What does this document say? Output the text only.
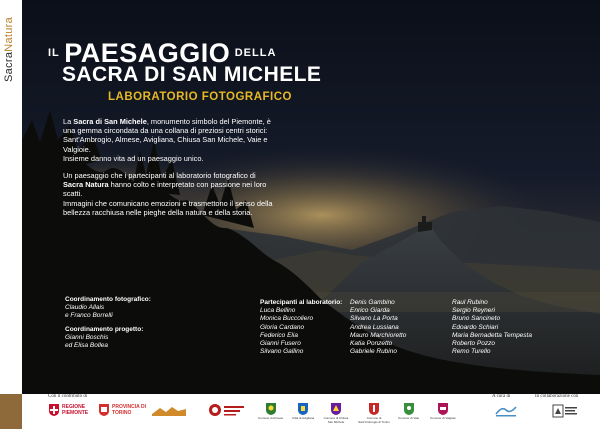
SacraNatura
$^{IL}$ PAESAGGIO $^{DELLA}$
SACRA DI SAN MICHELE
LABORATORIO FOTOGRAFICO

La Sacra di San Michele, monumento simbolo del Piemonte, è una gemma circondata da una collana di preziosi centri storici: Sant'Ambrogio, Almese, Avigliana, Chiusa San Michele, Vaie e Valgioie.
Insieme danno vita ad un paesaggio unico.

Un paesaggio che i partecipanti al laboratorio fotografico di Sacra Natura hanno colto e interpretato con passione nei loro scatti.
Immagini che comunicano emozioni e trasmettono il senso della bellezza racchiusa nelle pieghe della natura e della storia.

Coordinamento fotografico:
Claudio Allais
e Franco Borrelli
Coordinamento progetto:
Gianni Boschis
ed Elisa Bollea
Partecipanti al laboratorio:
Luca Bellino
Monica Buccoliero
Gloria Cardano
Federico Elia
Gianni Fusero
Silvano Gallino
Denis Gambino
Enrico Giarda
Silvano La Porta
Andrea Lussiana
Mauro Marchioretto
Katia Ponzetto
Gabriele Rubino
Raul Rubino
Sergio Reyneri
Bruno Sancineto
Edoardo Schiari
Maria Bernadetta Tempesta
Roberto Pozzo
Remo Turello
Con il contributo di	A cura di	In collaborazione con
REGIONE PIEMONTE
PROVINCIA DI TORINO
Comune di Almese	Città di Avigliana	Comune di Chiusa San Michele
Comune di Sant'Ambrogio di Torino
Comune di Vaie	Comune di Valgioie
